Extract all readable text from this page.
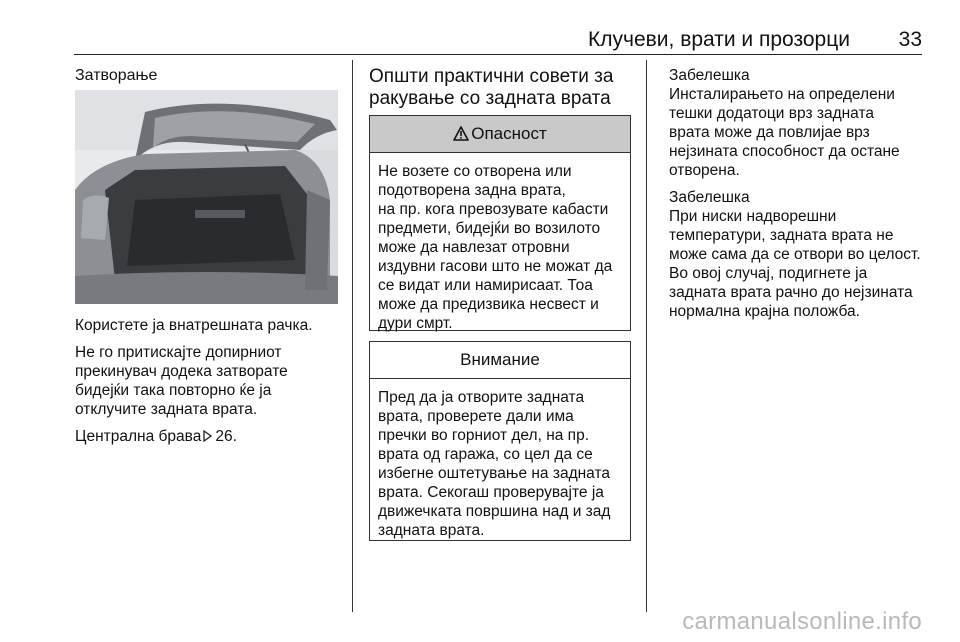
Клучеви, врати и прозорци 33

Затворање

Користете ја внатрешната рачка.

Не го притискајте допирниот
прекинувач додека затворате
бидејќи така повторно ќе ја
отклучите задната врата.

Централна брава 26.

Општи практични совети за
ракување со задната врата

Опасност
Не возете со отворена или
подотворена задна врата,
на пр. кога превозувате кабасти
предмети, бидејќи во возилото
може да навлезат отровни
издувни гасови што не можат да
се видат или намирисаат. Тоа
може да предизвика несвест и
дури смрт.
Внимание
Пред да ја отворите задната
врата, проверете дали има
пречки во горниот дел, на пр.
врата од гаража, со цел да се
избегне оштетување на задната
врата. Секогаш проверувајте ја
движечката површина над и зад
задната врата.

Забелешка

Инсталирањето на определени
тешки додатоци врз задната
врата може да повлијае врз
нејзината способност да остане
отворена.

Забелешка

При ниски надворешни
температури, задната врата не
може сама да се отвори во целост.
Во овој случај, подигнете ја
задната врата рачно до нејзината
нормална крајна положба.

carmanualsonline.info
